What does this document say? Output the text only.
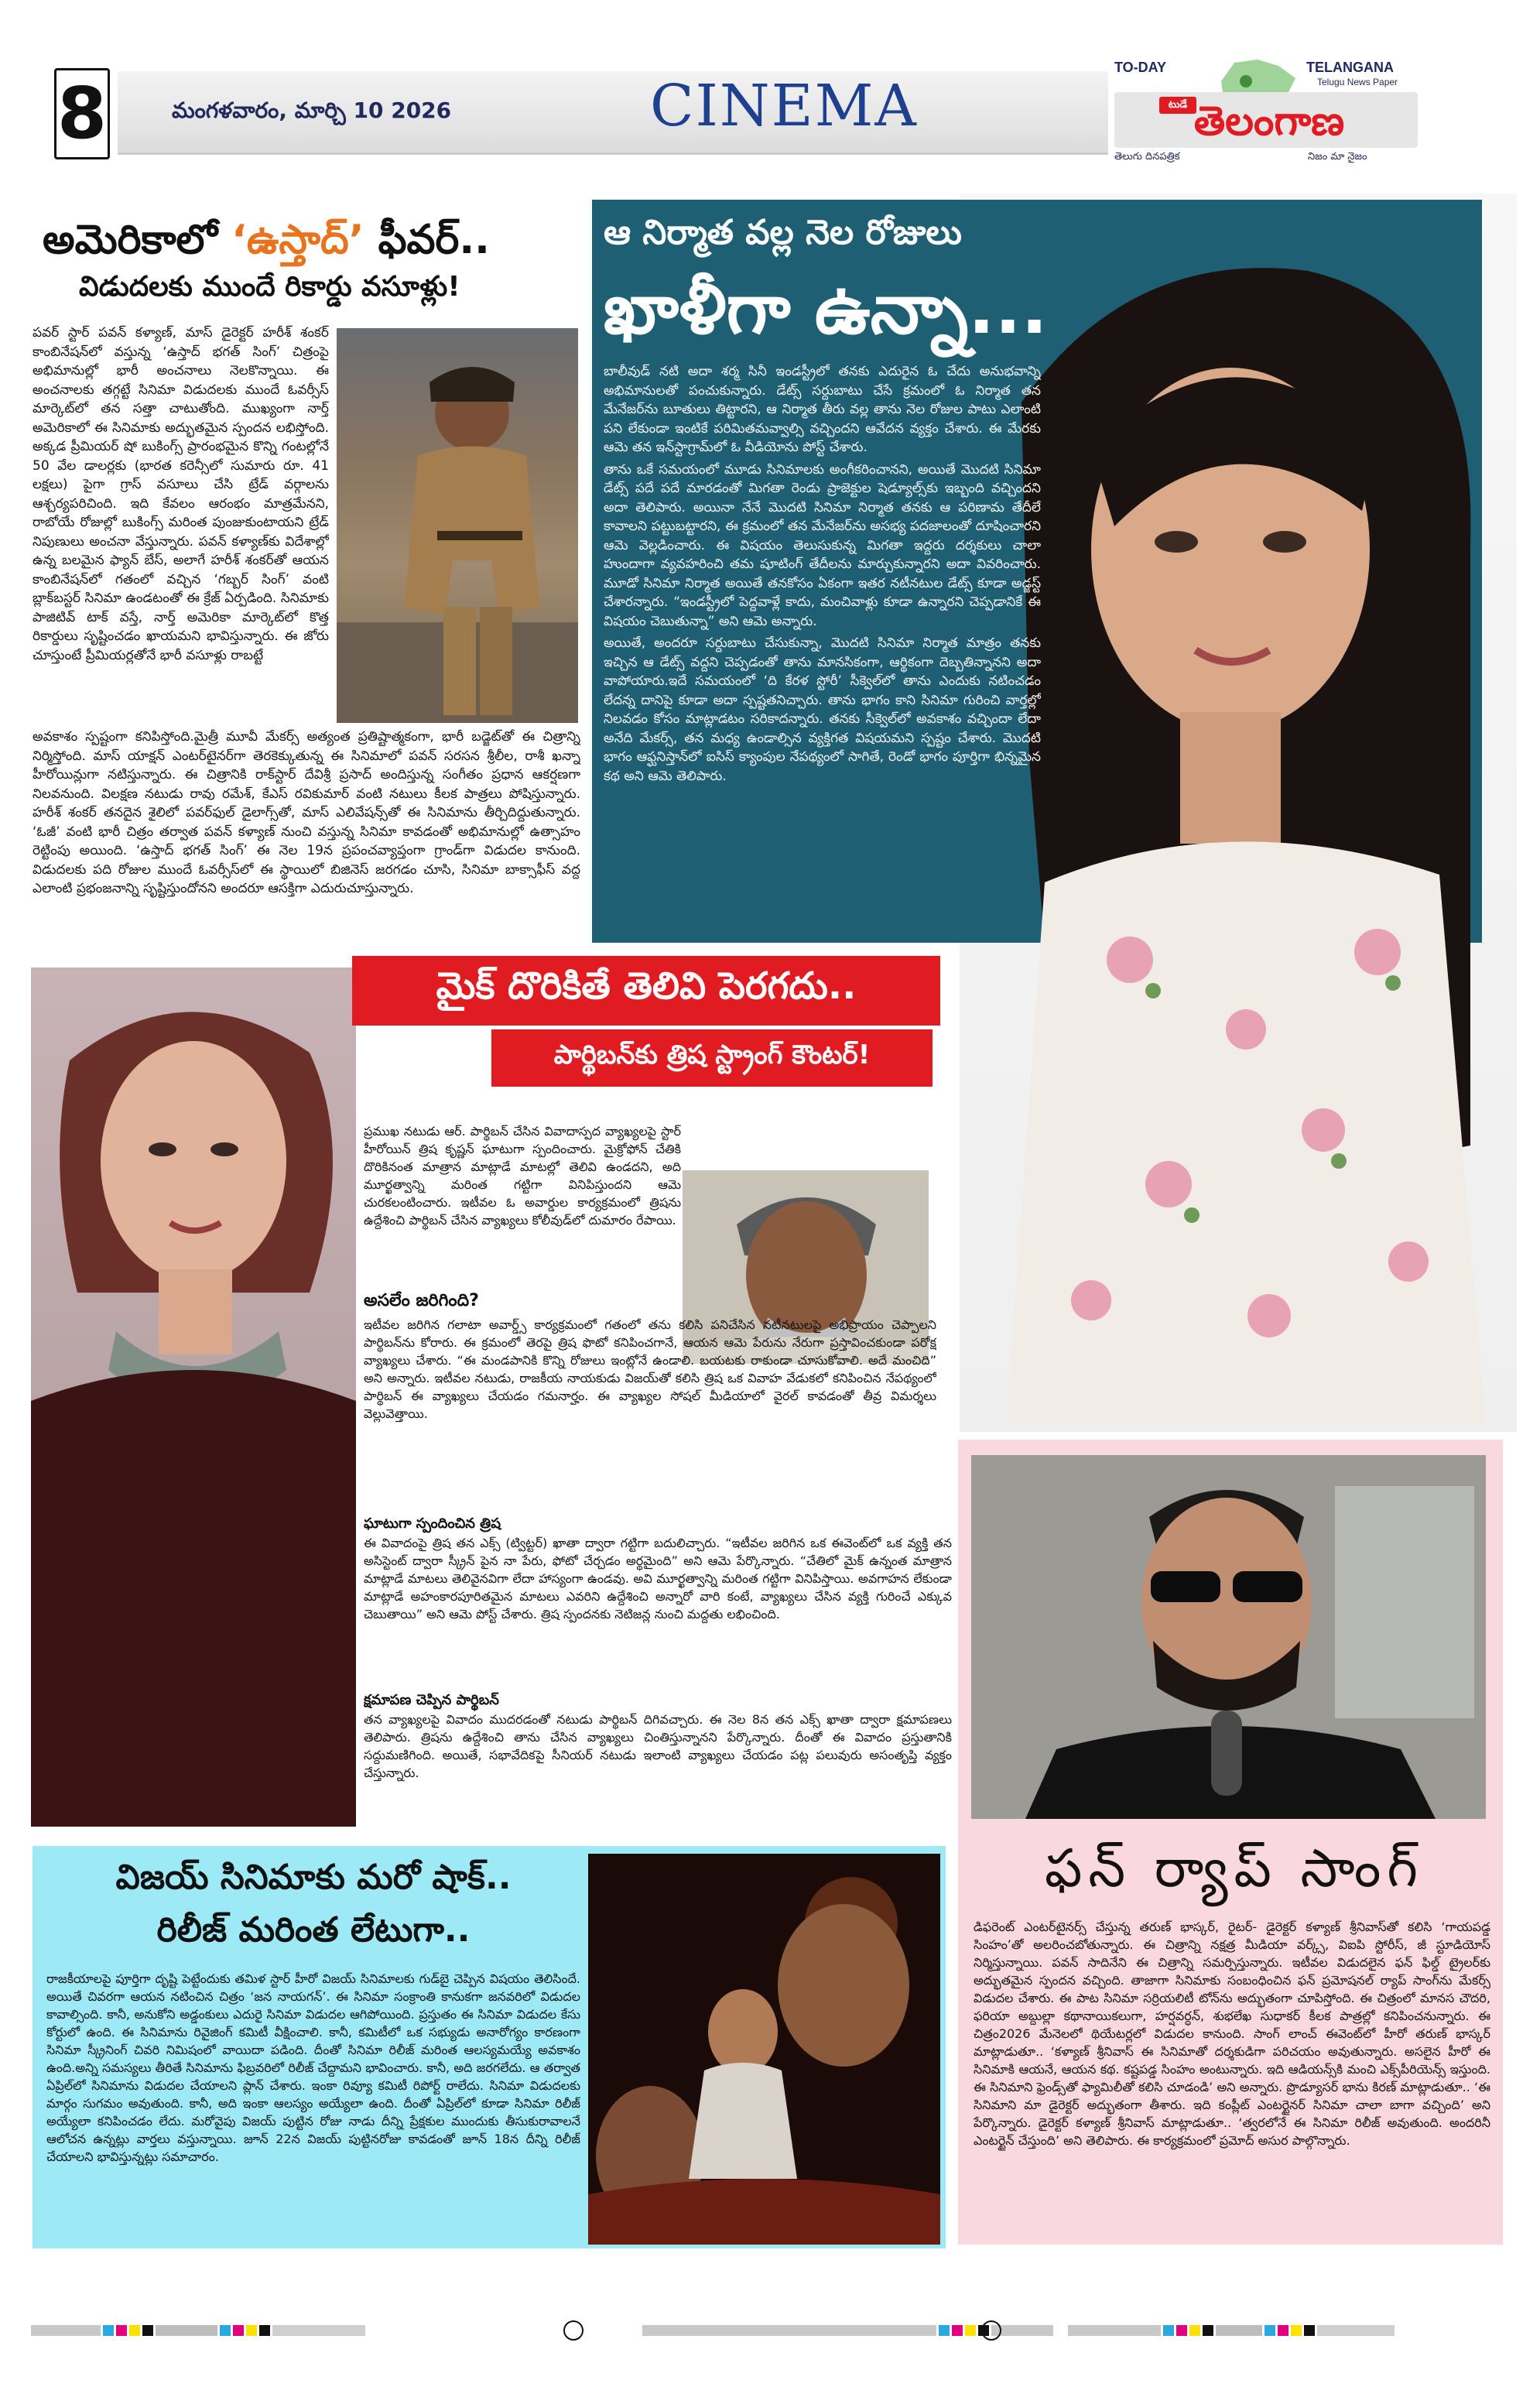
8	మంగళవారం, మార్చి 10 2026	CINEMA
TO-DAY	TELANGANA
Telugu News Paper
టుడే తెలంగాణ
తెలుగు దినపత్రిక	నిజం మా నైజం
అమెరికాలో ‘ఉస్తాద్’ ఫీవర్..
విడుదలకు ముందే రికార్డు వసూళ్లు!
పవర్ స్టార్ పవన్ కళ్యాణ్, మాస్ డైరెక్టర్ హరీశ్ శంకర్ కాంబినేషన్‌లో వస్తున్న ‘ఉస్తాద్ భగత్ సింగ్’ చిత్రంపై అభిమానుల్లో భారీ అంచనాలు నెలకొన్నాయి. ఈ అంచనాలకు తగ్గట్టే సినిమా విడుదలకు ముందే ఓవర్సీస్ మార్కెట్‌లో తన సత్తా చాటుతోంది. ముఖ్యంగా నార్త్ అమెరికాలో ఈ సినిమాకు అద్భుతమైన స్పందన లభిస్తోంది. అక్కడ ప్రీమియర్ షో బుకింగ్స్ ప్రారంభమైన కొన్ని గంటల్లోనే 50 వేల డాలర్లకు (భారత కరెన్సీలో సుమారు రూ. 41 లక్షలు) పైగా గ్రాస్ వసూలు చేసి ట్రేడ్ వర్గాలను ఆశ్చర్యపరిచింది. ఇది కేవలం ఆరంభం మాత్రమేనని, రాబోయే రోజుల్లో బుకింగ్స్ మరింత పుంజుకుంటాయని ట్రేడ్ నిపుణులు అంచనా వేస్తున్నారు. పవన్ కళ్యాణ్‌కు విదేశాల్లో ఉన్న బలమైన ఫ్యాన్ బేస్, అలాగే హరీశ్ శంకర్‌తో ఆయన కాంబినేషన్‌లో గతంలో వచ్చిన ‘గబ్బర్ సింగ్’ వంటి బ్లాక్‌బస్టర్ సినిమా ఉండటంతో ఈ క్రేజ్ ఏర్పడింది. సినిమాకు పాజిటివ్ టాక్ వస్తే, నార్త్ అమెరికా మార్కెట్‌లో కొత్త రికార్డులు సృష్టించడం ఖాయమని భావిస్తున్నారు. ఈ జోరు చూస్తుంటే ప్రీమియర్లతోనే భారీ వసూళ్లు రాబట్టే
అవకాశం స్పష్టంగా కనిపిస్తోంది.మైత్రీ మూవీ మేకర్స్ అత్యంత ప్రతిష్టాత్మకంగా, భారీ బడ్జెట్‌తో ఈ చిత్రాన్ని నిర్మిస్తోంది. మాస్ యాక్షన్ ఎంటర్‌టైనర్‌గా తెరకెక్కుతున్న ఈ సినిమాలో పవన్ సరసన శ్రీలీల, రాశీ ఖన్నా హీరోయిన్లుగా నటిస్తున్నారు. ఈ చిత్రానికి రాక్‌స్టార్ దేవిశ్రీ ప్రసాద్ అందిస్తున్న సంగీతం ప్రధాన ఆకర్షణగా నిలవనుంది. విలక్షణ నటుడు రావు రమేశ్, కేఎస్ రవికుమార్ వంటి నటులు కీలక పాత్రలు పోషిస్తున్నారు. హరీశ్ శంకర్ తనదైన శైలిలో పవర్‌ఫుల్ డైలాగ్స్‌తో, మాస్ ఎలివేషన్స్‌తో ఈ సినిమాను తీర్చిదిద్దుతున్నారు. ‘ఓజీ’ వంటి భారీ చిత్రం తర్వాత పవన్ కళ్యాణ్ నుంచి వస్తున్న సినిమా కావడంతో అభిమానుల్లో ఉత్సాహం రెట్టింపు అయింది. ‘ఉస్తాద్ భగత్ సింగ్’ ఈ నెల 19న ప్రపంచవ్యాప్తంగా గ్రాండ్‌గా విడుదల కానుంది. విడుదలకు పది రోజుల ముందే ఓవర్సీస్‌లో ఈ స్థాయిలో బిజినెస్ జరగడం చూసి, సినిమా బాక్సాఫీస్ వద్ద ఎలాంటి ప్రభంజనాన్ని సృష్టిస్తుందోనని అందరూ ఆసక్తిగా ఎదురుచూస్తున్నారు.
ఆ నిర్మాత వల్ల నెల రోజులు
ఖాళీగా ఉన్నా...

బాలీవుడ్ నటి అదా శర్మ సినీ ఇండస్ట్రీలో తనకు ఎదురైన ఓ చేదు అనుభవాన్ని అభిమానులతో పంచుకున్నారు. డేట్స్ సర్దుబాటు చేసే క్రమంలో ఓ నిర్మాత తన మేనేజర్‌ను బూతులు తిట్టారని, ఆ నిర్మాత తీరు వల్ల తాను నెల రోజుల పాటు ఎలాంటి పని లేకుండా ఇంటికే పరిమితమవ్వాల్సి వచ్చిందని ఆవేదన వ్యక్తం చేశారు. ఈ మేరకు ఆమె తన ఇన్‌స్టాగ్రామ్‌లో ఓ వీడియోను పోస్ట్ చేశారు.

తాను ఒకే సమయంలో మూడు సినిమాలకు అంగీకరించానని, అయితే మొదటి సినిమా డేట్స్ పదే పదే మారడంతో మిగతా రెండు ప్రాజెక్టుల షెడ్యూల్స్‌కు ఇబ్బంది వచ్చిందని అదా తెలిపారు. అయినా నేనే మొదటి సినిమా నిర్మాత తనకు ఆ పరిణామ తేదీలే కావాలని పట్టుబట్టారని, ఈ క్రమంలో తన మేనేజర్‌ను అసభ్య పదజాలంతో దూషించారని ఆమె వెల్లడించారు. ఈ విషయం తెలుసుకున్న మిగతా ఇద్దరు దర్శకులు చాలా హుందాగా వ్యవహరించి తమ షూటింగ్ తేదీలను మార్చుకున్నారని అదా వివరించారు. మూడో సినిమా నిర్మాత అయితే తనకోసం ఏకంగా ఇతర నటీనటుల డేట్స్ కూడా అడ్జస్ట్ చేశారన్నారు. “ఇండస్ట్రీలో పెద్దవాళ్లే కాదు, మంచివాళ్లు కూడా ఉన్నారని చెప్పడానికే ఈ విషయం చెబుతున్నా” అని ఆమె అన్నారు.

అయితే, అందరూ సర్దుబాటు చేసుకున్నా, మొదటి సినిమా నిర్మాత మాత్రం తనకు ఇచ్చిన ఆ డేట్స్ వద్దని చెప్పడంతో తాను మానసికంగా, ఆర్థికంగా దెబ్బతిన్నానని అదా వాపోయారు.ఇదే సమయంలో ‘ది కేరళ స్టోరీ’ సీక్వెల్‌లో తాను ఎందుకు నటించడం లేదన్న దానిపై కూడా అదా స్పష్టతనిచ్చారు. తాను భాగం కాని సినిమా గురించి వార్తల్లో నిలవడం కోసం మాట్లాడటం సరికాదన్నారు. తనకు సీక్వెల్‌లో అవకాశం వచ్చిందా లేదా అనేది మేకర్స్, తన మధ్య ఉండాల్సిన వ్యక్తిగత విషయమని స్పష్టం చేశారు. మొదటి భాగం ఆఫ్ఘనిస్తాన్‌లో ఐసిస్ క్యాంపుల నేపథ్యంలో సాగితే, రెండో భాగం పూర్తిగా భిన్నమైన కథ అని ఆమె తెలిపారు.

మైక్ దొరికితే తెలివి పెరగదు..
పార్థిబన్‌కు త్రిష స్ట్రాంగ్ కౌంటర్!
ప్రముఖ నటుడు ఆర్. పార్థిబన్ చేసిన వివాదాస్పద వ్యాఖ్యలపై స్టార్ హీరోయిన్ త్రిష కృష్ణన్ ఘాటుగా స్పందించారు. మైక్రోఫోన్ చేతికి దొరికినంత మాత్రాన మాట్లాడే మాటల్లో తెలివి ఉండదని, అది మూర్ఖత్వాన్ని మరింత గట్టిగా వినిపిస్తుందని ఆమె చురకలంటించారు. ఇటీవల ఓ అవార్డుల కార్యక్రమంలో త్రిషను ఉద్దేశించి పార్థిబన్ చేసిన వ్యాఖ్యలు కోలీవుడ్‌లో దుమారం రేపాయి.
అసలేం జరిగింది?
ఇటీవల జరిగిన గలాటా అవార్డ్స్ కార్యక్రమంలో గతంలో తను కలిసి పనిచేసిన నటీనటులపై అభిప్రాయం చెప్పాలని పార్థిబన్‌ను కోరారు. ఈ క్రమంలో తెరపై త్రిష ఫొటో కనిపించగానే, ఆయన ఆమె పేరును నేరుగా ప్రస్తావించకుండా పరోక్ష వ్యాఖ్యలు చేశారు. “ఈ మండపానికి కొన్ని రోజులు ఇంట్లోనే ఉండాలి. బయటకు రాకుండా చూసుకోవాలి. అదే మంచిది” అని అన్నారు. ఇటీవల నటుడు, రాజకీయ నాయకుడు విజయ్‌తో కలిసి త్రిష ఒక వివాహ వేడుకలో కనిపించిన నేపథ్యంలో పార్థిబన్ ఈ వ్యాఖ్యలు చేయడం గమనార్హం. ఈ వ్యాఖ్యల సోషల్ మీడియాలో వైరల్ కావడంతో తీవ్ర విమర్శలు వెల్లువెత్తాయి.
ఘాటుగా స్పందించిన త్రిష
ఈ వివాదంపై త్రిష తన ఎక్స్ (ట్విట్టర్) ఖాతా ద్వారా గట్టిగా బదులిచ్చారు. “ఇటీవల జరిగిన ఒక ఈవెంట్‌లో ఒక వ్యక్తి తన అసిస్టెంట్ ద్వారా స్క్రీన్ పైన నా పేరు, ఫోటో చేర్చడం అర్థమైంది” అని ఆమె పేర్కొన్నారు. “చేతిలో మైక్ ఉన్నంత మాత్రాన మాట్లాడే మాటలు తెలివైనవిగా లేదా హాస్యంగా ఉండవు. అవి మూర్ఖత్వాన్ని మరింత గట్టిగా వినిపిస్తాయి. అవగాహన లేకుండా మాట్లాడే అహంకారపూరితమైన మాటలు ఎవరిని ఉద్దేశించి అన్నారో వారి కంటే, వ్యాఖ్యలు చేసిన వ్యక్తి గురించే ఎక్కువ చెబుతాయి” అని ఆమె పోస్ట్ చేశారు. త్రిష స్పందనకు నెటిజన్ల నుంచి మద్దతు లభించింది.
క్షమాపణ చెప్పిన పార్థిబన్
తన వ్యాఖ్యలపై వివాదం ముదరడంతో నటుడు పార్థిబన్ దిగివచ్చారు. ఈ నెల 8న తన ఎక్స్ ఖాతా ద్వారా క్షమాపణలు తెలిపారు. త్రిషను ఉద్దేశించి తాను చేసిన వ్యాఖ్యలు చింతిస్తున్నానని పేర్కొన్నారు. దీంతో ఈ వివాదం ప్రస్తుతానికి సద్దుమణిగింది. అయితే, సభావేదికపై సీనియర్ నటుడు ఇలాంటి వ్యాఖ్యలు చేయడం పట్ల పలువురు అసంతృప్తి వ్యక్తం చేస్తున్నారు.
విజయ్ సినిమాకు మరో షాక్..
రిలీజ్ మరింత లేటుగా..
రాజకీయాలపై పూర్తిగా దృష్టి పెట్టేందుకు తమిళ స్టార్ హీరో విజయ్ సినిమాలకు గుడ్‌బై చెప్పిన విషయం తెలిసిందే. అయితే చివరగా ఆయన నటించిన చిత్రం ‘జన నాయగన్’. ఈ సినిమా సంక్రాంతి కానుకగా జనవరిలో విడుదల కావాల్సింది. కానీ, అనుకోని అడ్డంకులు ఎదురై సినిమా విడుదల ఆగిపోయింది. ప్రస్తుతం ఈ సినిమా విడుదల కేసు కోర్టులో ఉంది. ఈ సినిమాను రివైజింగ్ కమిటీ వీక్షించాలి. కానీ, కమిటీలో ఒక సభ్యుడు అనారోగ్యం కారణంగా సినిమా స్క్రీనింగ్ చివరి నిమిషంలో వాయిదా పడింది. దీంతో సినిమా రిలీజ్ మరింత ఆలస్యమయ్యే అవకాశం ఉంది.అన్ని సమస్యలు తీరితే సినిమాను ఫిబ్రవరిలో రిలీజ్ చేద్దామని భావించారు. కానీ, అది జరగలేదు. ఆ తర్వాత ఏప్రిల్‌లో సినిమాను విడుదల చేయాలని ప్లాన్ చేశారు. ఇంకా రివ్యూ కమిటీ రిపోర్ట్ రాలేదు. సినిమా విడుదలకు మార్గం సుగమం అవుతుంది. కానీ, అది ఇంకా ఆలస్యం అయ్యేలా ఉంది. దీంతో ఏప్రిల్‌లో కూడా సినిమా రిలీజ్ అయ్యేలా కనిపించడం లేదు. మరోవైపు విజయ్ పుట్టిన రోజు నాడు దీన్ని ప్రేక్షకుల ముందుకు తీసుకురావాలనే ఆలోచన ఉన్నట్లు వార్తలు వస్తున్నాయి. జూన్ 22న విజయ్ పుట్టినరోజు కావడంతో జూన్ 18న దీన్ని రిలీజ్ చేయాలని భావిస్తున్నట్లు సమాచారం.
ఫన్ ర్యాప్ సాంగ్
డిఫరెంట్ ఎంటర్‌టైనర్స్ చేస్తున్న తరుణ్ భాస్కర్, రైటర్- డైరెక్టర్ కళ్యాణ్ శ్రీనివాస్‌తో కలిసి ‘గాయపడ్డ సింహం’తో అలరించబోతున్నారు. ఈ చిత్రాన్ని నక్షత్ర మీడియా వర్క్స్, విఐపి స్టోరీస్, జీ స్టూడియోస్ నిర్మిస్తున్నాయి. పవన్ సాదినేని ఈ చిత్రాన్ని సమర్పిస్తున్నారు. ఇటీవల విడుదలైన ఫన్ ఫిల్డ్ ట్రైలర్‌కు అద్భుతమైన స్పందన వచ్చింది. తాజాగా సినిమాకు సంబంధించిన ఫన్ ప్రమోషనల్ ర్యాప్ సాంగ్‌ను మేకర్స్ విడుదల చేశారు. ఈ పాట సినిమా సర్రియలిటీ టోన్‌ను అద్భుతంగా చూపిస్తోంది. ఈ చిత్రంలో మానస చౌదరి, ఫరియా అబ్దుల్లా కథానాయికలుగా, హర్షవర్ధన్, శుభలేఖ సుధాకర్ కీలక పాత్రల్లో కనిపించనున్నారు. ఈ చిత్రం2026 మేనెలలో థియేటర్లలో విడుదల కానుంది. సాంగ్ లాంచ్ ఈవెంట్‌లో హీరో తరుణ్ భాస్కర్ మాట్లాడుతూ.. ‘కళ్యాణ్ శ్రీనివాస్ ఈ సినిమాతో దర్శకుడిగా పరిచయం అవుతున్నారు. అసలైన హీరో ఈ సినిమాకి ఆయనే, ఆయన కథ. కష్టపడ్డ సింహం అంటున్నారు. ఇది ఆడియన్స్‌కి మంచి ఎక్స్‌పీరియెన్స్ ఇస్తుంది. ఈ సినిమాని ఫ్రెండ్స్‌తో ఫ్యామిలీతో కలిసి చూడండి’ అని అన్నారు. ప్రొడ్యూసర్ భాను కిరణ్ మాట్లాడుతూ.. ‘ఈ సినిమాని మా డైరెక్టర్ అద్భుతంగా తీశారు. ఇది కంప్లీట్ ఎంటర్టైనర్ సినిమా చాలా బాగా వచ్చింది’ అని పేర్కొన్నారు. డైరెక్టర్ కళ్యాణ్ శ్రీనివాస్ మాట్లాడుతూ.. ‘త్వరలోనే ఈ సినిమా రిలీజ్ అవుతుంది. అందరినీ ఎంటర్టైన్ చేస్తుంది’ అని తెలిపారు. ఈ కార్యక్రమంలో ప్రమోద్ అసుర పాల్గొన్నారు.
